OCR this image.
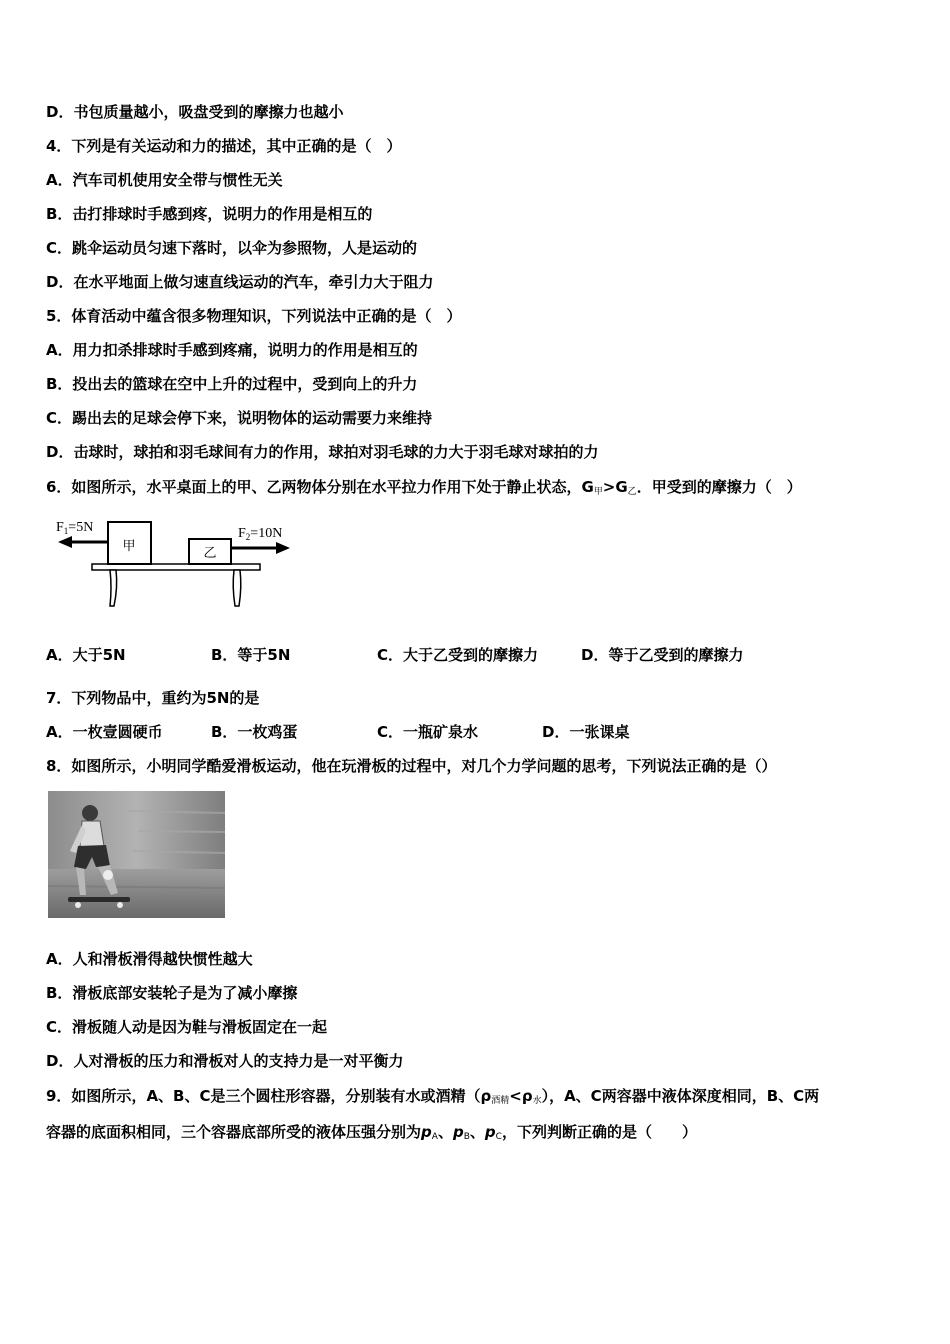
D．书包质量越小，吸盘受到的摩擦力也越小
4．下列是有关运动和力的描述，其中正确的是（　）
A．汽车司机使用安全带与惯性无关
B．击打排球时手感到疼，说明力的作用是相互的
C．跳伞运动员匀速下落时，以伞为参照物，人是运动的
D．在水平地面上做匀速直线运动的汽车，牵引力大于阻力
5．体育活动中蕴含很多物理知识，下列说法中正确的是（　）
A．用力扣杀排球时手感到疼痛，说明力的作用是相互的
B．投出去的篮球在空中上升的过程中，受到向上的升力
C．踢出去的足球会停下来，说明物体的运动需要力来维持
D．击球时，球拍和羽毛球间有力的作用，球拍对羽毛球的力大于羽毛球对球拍的力
6．如图所示，水平桌面上的甲、乙两物体分别在水平拉力作用下处于静止状态，$G_甲>G_乙$．甲受到的摩擦力（　）
甲	乙
$F_1=5N$	$F_2=10N$
A．大于5N	B．等于5N	C．大于乙受到的摩擦力	D．等于乙受到的摩擦力
7．下列物品中，重约为5N的是
A．一枚壹圆硬币	B．一枚鸡蛋	C．一瓶矿泉水	D．一张课桌
8．如图所示，小明同学酷爱滑板运动，他在玩滑板的过程中，对几个力学问题的思考，下列说法正确的是（）
A．人和滑板滑得越快惯性越大
B．滑板底部安装轮子是为了减小摩擦
C．滑板随人动是因为鞋与滑板固定在一起
D．人对滑板的压力和滑板对人的支持力是一对平衡力
9．如图所示，A、B、C是三个圆柱形容器，分别装有水或酒精$(\rho_{酒精}<\rho_水)$，A、C两容器中液体深度相同，B、C两
容器的底面积相同，三个容器底部所受的液体压强分别为$p_A$、$p_B$、$p_C$，下列判断正确的是（　　）
